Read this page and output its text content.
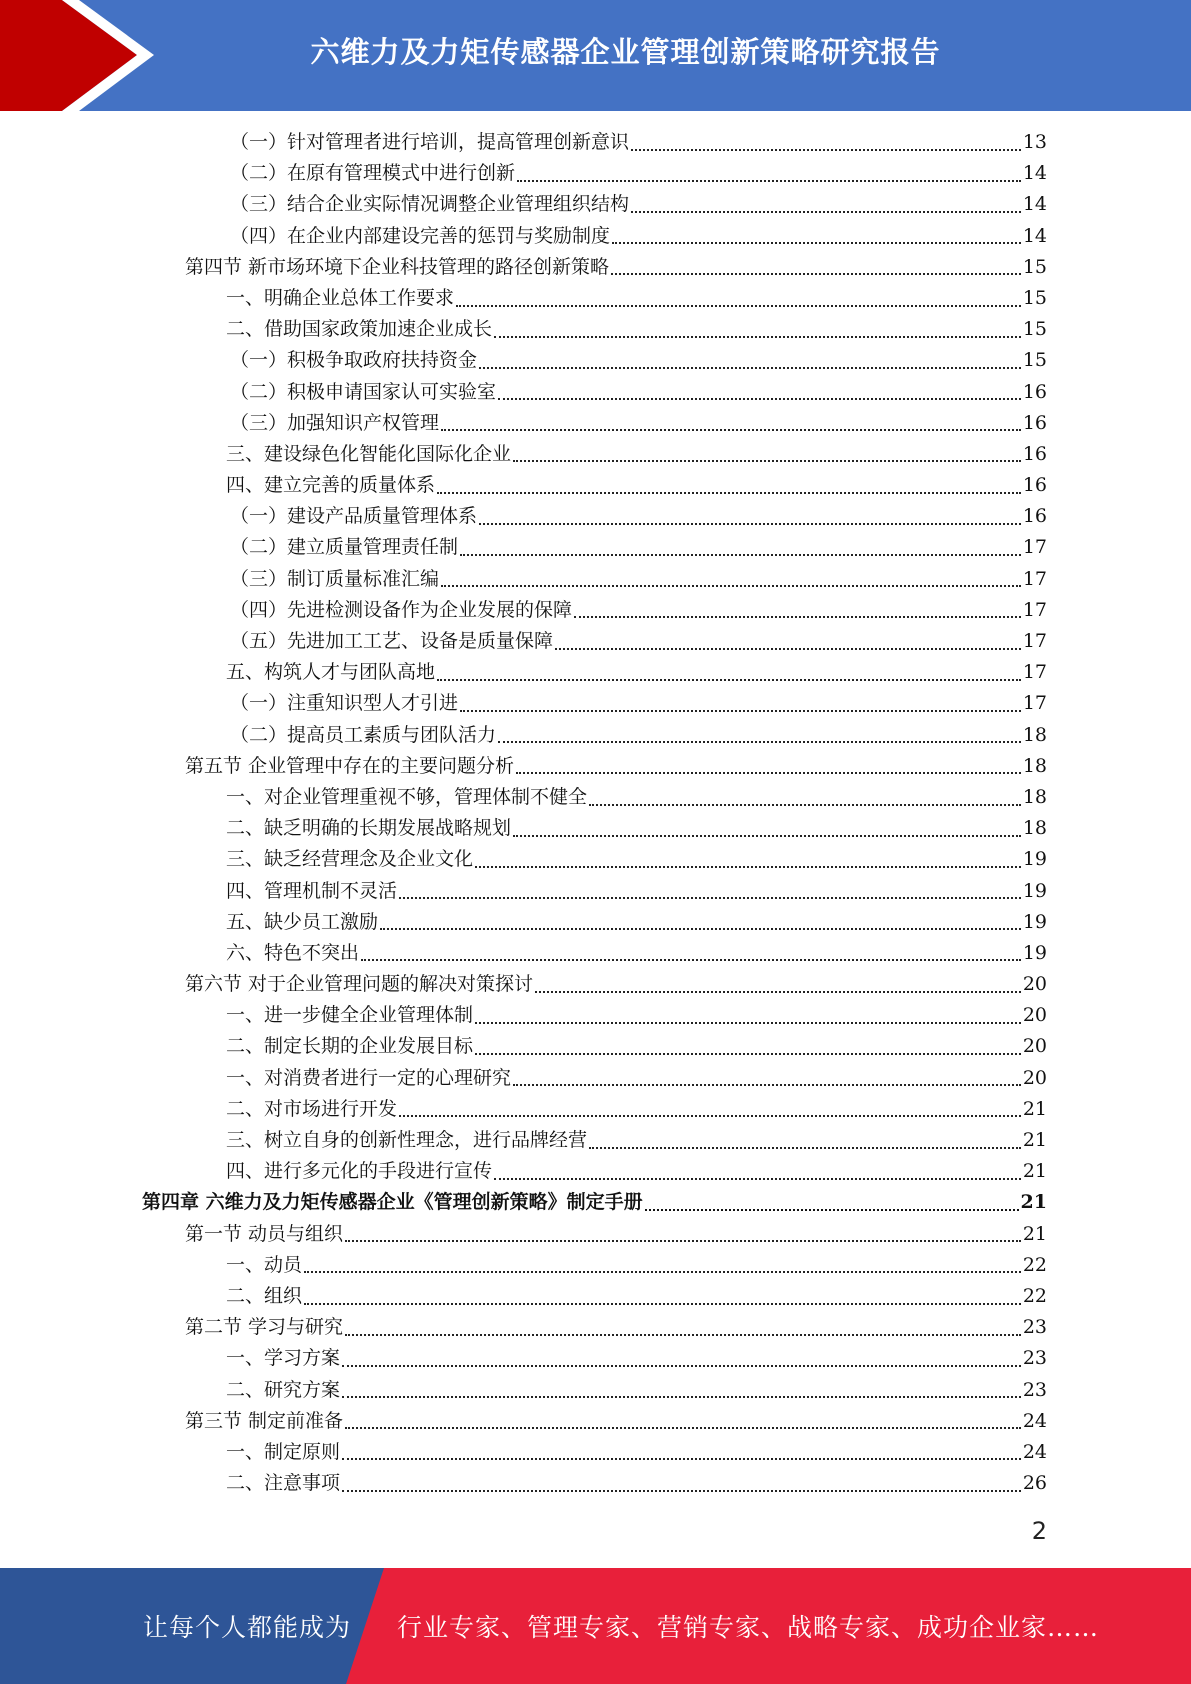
六维力及力矩传感器企业管理创新策略研究报告
（一）针对管理者进行培训，提高管理创新意识	13
（二）在原有管理模式中进行创新	14
（三）结合企业实际情况调整企业管理组织结构	14
（四）在企业内部建设完善的惩罚与奖励制度	14
第四节 新市场环境下企业科技管理的路径创新策略	15
一、明确企业总体工作要求	15
二、借助国家政策加速企业成长	15
（一）积极争取政府扶持资金	15
（二）积极申请国家认可实验室	16
（三）加强知识产权管理	16
三、建设绿色化智能化国际化企业	16
四、建立完善的质量体系	16
（一）建设产品质量管理体系	16
（二）建立质量管理责任制	17
（三）制订质量标准汇编	17
（四）先进检测设备作为企业发展的保障	17
（五）先进加工工艺、设备是质量保障	17
五、构筑人才与团队高地	17
（一）注重知识型人才引进	17
（二）提高员工素质与团队活力	18
第五节 企业管理中存在的主要问题分析	18
一、对企业管理重视不够，管理体制不健全	18
二、缺乏明确的长期发展战略规划	18
三、缺乏经营理念及企业文化	19
四、管理机制不灵活	19
五、缺少员工激励	19
六、特色不突出	19
第六节 对于企业管理问题的解决对策探讨	20
一、进一步健全企业管理体制	20
二、制定长期的企业发展目标	20
一、对消费者进行一定的心理研究	20
二、对市场进行开发	21
三、树立自身的创新性理念，进行品牌经营	21
四、进行多元化的手段进行宣传	21
第四章 六维力及力矩传感器企业《管理创新策略》制定手册	21
第一节 动员与组织	21
一、动员	22
二、组织	22
第二节 学习与研究	23
一、学习方案	23
二、研究方案	23
第三节 制定前准备	24
一、制定原则	24
二、注意事项	26
2
让每个人都能成为 行业专家、管理专家、营销专家、战略专家、成功企业家……
